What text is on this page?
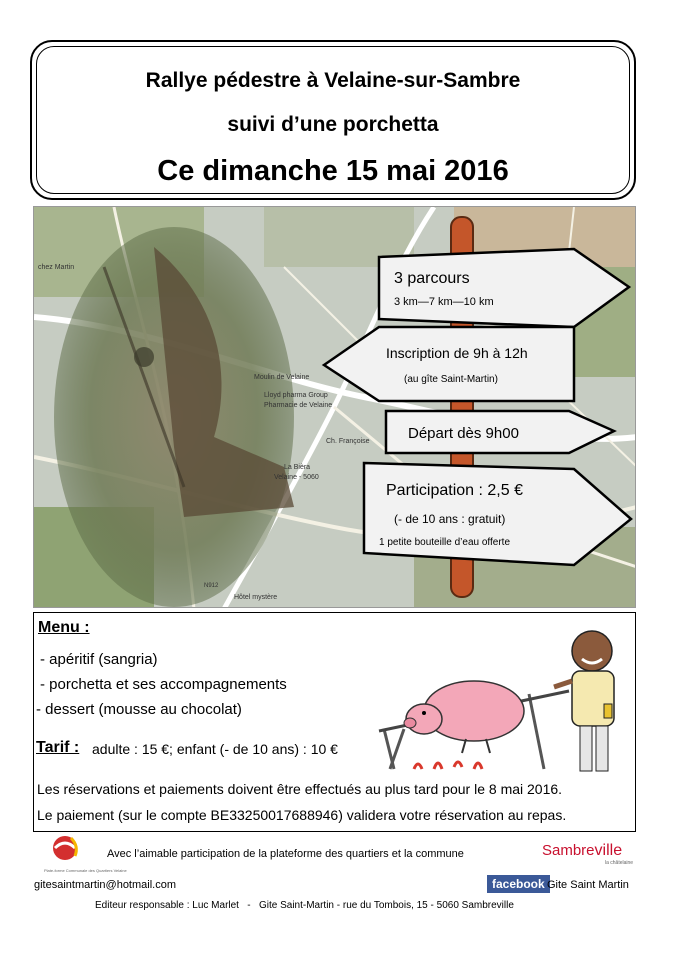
Rallye pédestre à Velaine-sur-Sambre
suivi d’une porchetta
Ce dimanche 15 mai 2016
chez Martin
Moulin de Velaine
Lloyd pharma Group
Pharmacie de Velaine
Ch. Françoise
La Bièra
Velaine - 5060
Hôtel mystère
N912
3 parcours
3 km—7 km—10 km
Inscription de 9h à 12h
(au gîte Saint-Martin)
Départ dès 9h00
Participation : 2,5 €
(- de 10 ans : gratuit)
1 petite bouteille d’eau offerte
Menu :
- apéritif (sangria)
- porchetta et ses accompagnements
- dessert (mousse au chocolat)
Tarif : adulte : 15 €; enfant (- de 10 ans) : 10 €
Les réservations et paiements doivent être effectués au plus tard pour le 8 mai 2016.
Le paiement (sur le compte BE33250017688946) validera votre réservation au repas.
Plate-forme Communale des Quartiers Velaine
Avec l’aimable participation de la plateforme des quartiers et la commune	Sambreville
la châtelaine
gitesaintmartin@hotmail.com	facebook Gite Saint Martin
Editeur responsable : Luc Marlet   -   Gite Saint-Martin - rue du Tombois, 15 - 5060 Sambreville
